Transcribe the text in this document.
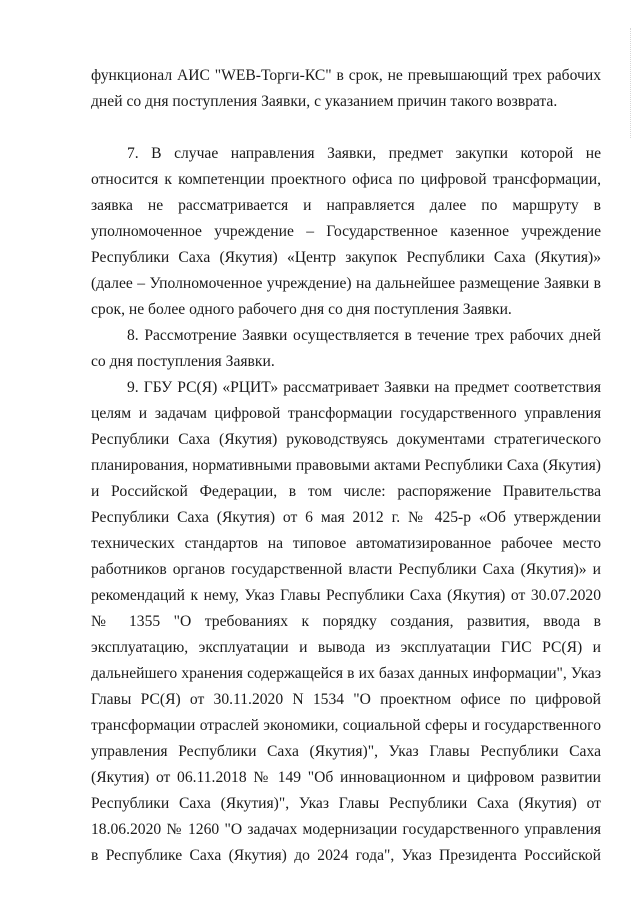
функционал АИС "WEB-Торги-КС" в срок, не превышающий трех рабочих
дней со дня поступления Заявки, с указанием причин такого возврата.
7. В случае направления Заявки, предмет закупки которой не
относится к компетенции проектного офиса по цифровой трансформации,
заявка не рассматривается и направляется далее по маршруту в
уполномоченное учреждение – Государственное казенное учреждение
Республики Саха (Якутия) «Центр закупок Республики Саха (Якутия)»
(далее – Уполномоченное учреждение) на дальнейшее размещение Заявки в
срок, не более одного рабочего дня со дня поступления Заявки.
8. Рассмотрение Заявки осуществляется в течение трех рабочих дней
со дня поступления Заявки.
9. ГБУ РС(Я) «РЦИТ» рассматривает Заявки на предмет соответствия
целям и задачам цифровой трансформации государственного управления
Республики Саха (Якутия) руководствуясь документами стратегического
планирования, нормативными правовыми актами Республики Саха (Якутия)
и Российской Федерации, в том числе: распоряжение Правительства
Республики Саха (Якутия) от 6 мая 2012 г. № 425-р «Об утверждении
технических стандартов на типовое автоматизированное рабочее место
работников органов государственной власти Республики Саха (Якутия)» и
рекомендаций к нему, Указ Главы Республики Саха (Якутия) от 30.07.2020
№ 1355 "О требованиях к порядку создания, развития, ввода в
эксплуатацию, эксплуатации и вывода из эксплуатации ГИС РС(Я) и
дальнейшего хранения содержащейся в их базах данных информации", Указ
Главы РС(Я) от 30.11.2020 N 1534 "О проектном офисе по цифровой
трансформации отраслей экономики, социальной сферы и государственного
управления Республики Саха (Якутия)", Указ Главы Республики Саха
(Якутия) от 06.11.2018 № 149 "Об инновационном и цифровом развитии
Республики Саха (Якутия)", Указ Главы Республики Саха (Якутия) от
18.06.2020 № 1260 "О задачах модернизации государственного управления
в Республике Саха (Якутия) до 2024 года", Указ Президента Российской
